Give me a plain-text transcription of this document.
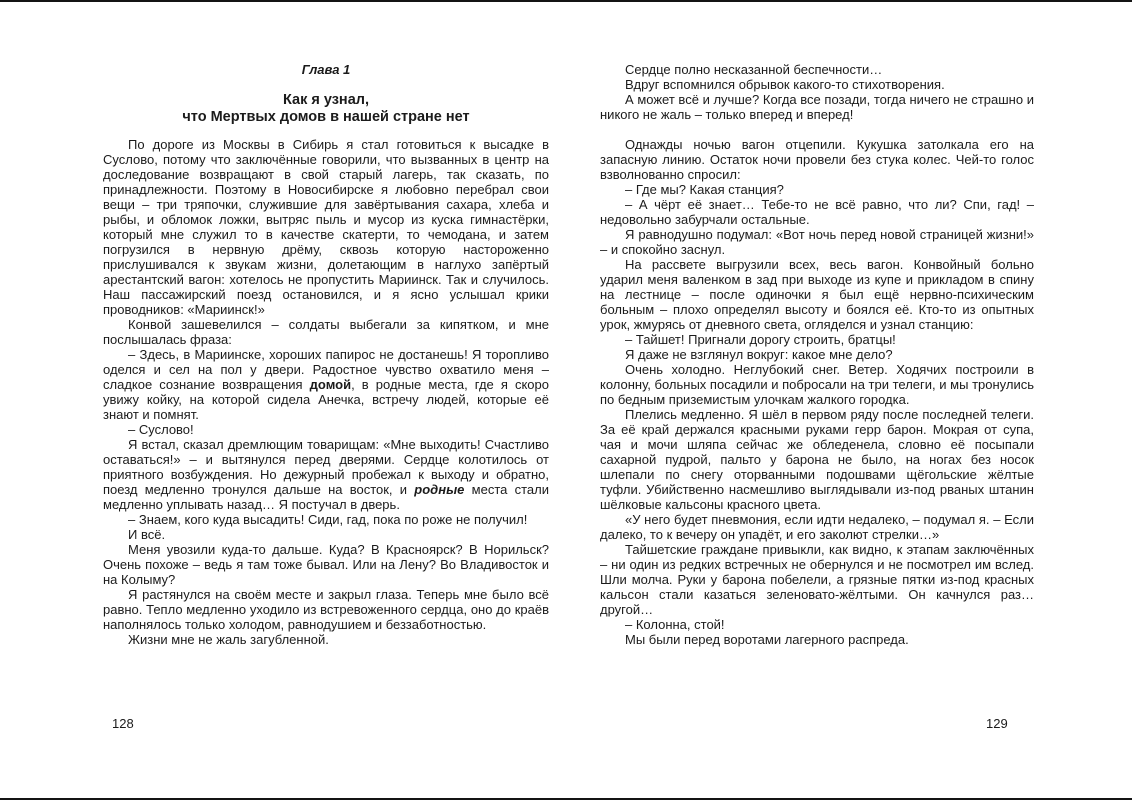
Глава 1
Как я узнал,
что Мертвых домов в нашей стране нет

По дороге из Москвы в Сибирь я стал готовиться к высадке в Суслово, потому что заключённые говорили, что вызванных в центр на доследование возвращают в свой старый лагерь, так сказать, по принадлежности. Поэтому в Новосибирске я любовно перебрал свои вещи – три тряпочки, служившие для завёртывания сахара, хлеба и рыбы, и обломок ложки, вытряс пыль и мусор из куска гимнастёрки, который мне служил то в качестве скатерти, то чемодана, и затем погрузился в нервную дрёму, сквозь которую настороженно прислушивался к звукам жизни, долетающим в наглухо запёртый арестантский вагон: хотелось не пропустить Мариинск. Так и случилось. Наш пассажирский поезд остановился, и я ясно услышал крики проводников: «Мариинск!»

Конвой зашевелился – солдаты выбегали за кипятком, и мне послышалась фраза:

– Здесь, в Мариинске, хороших папирос не достанешь! Я торопливо оделся и сел на пол у двери. Радостное чувство охватило меня – сладкое сознание возвращения домой, в родные места, где я скоро увижу койку, на которой сидела Анечка, встречу людей, которые её знают и помнят.

– Суслово!

Я встал, сказал дремлющим товарищам: «Мне выходить! Счастливо оставаться!» – и вытянулся перед дверями. Сердце колотилось от приятного возбуждения. Но дежурный пробежал к выходу и обратно, поезд медленно тронулся дальше на восток, и родные места стали медленно уплывать назад… Я постучал в дверь.

– Знаем, кого куда высадить! Сиди, гад, пока по роже не получил!

И всё.

Меня увозили куда-то дальше. Куда? В Красноярск? В Норильск? Очень похоже – ведь я там тоже бывал. Или на Лену? Во Владивосток и на Колыму?

Я растянулся на своём месте и закрыл глаза. Теперь мне было всё равно. Тепло медленно уходило из встревоженного сердца, оно до краёв наполнялось только холодом, равнодушием и беззаботностью.

Жизни мне не жаль загубленной.

Сердце полно несказанной беспечности…

Вдруг вспомнился обрывок какого-то стихотворения.

А может всё и лучше? Когда все позади, тогда ничего не страшно и никого не жаль – только вперед и вперед!

Однажды ночью вагон отцепили. Кукушка затолкала его на запасную линию. Остаток ночи провели без стука колес. Чей-то голос взволнованно спросил:

– Где мы? Какая станция?

– А чёрт её знает… Тебе-то не всё равно, что ли? Спи, гад! – недовольно забурчали остальные.

Я равнодушно подумал: «Вот ночь перед новой страницей жизни!» – и спокойно заснул.

На рассвете выгрузили всех, весь вагон. Конвойный больно ударил меня валенком в зад при выходе из купе и прикладом в спину на лестнице – после одиночки я был ещё нервно-психическим больным – плохо определял высоту и боялся её. Кто-то из опытных урок, жмурясь от дневного света, огляделся и узнал станцию:

– Тайшет! Пригнали дорогу строить, братцы!

Я даже не взглянул вокруг: какое мне дело?

Очень холодно. Неглубокий снег. Ветер. Ходячих построили в колонну, больных посадили и побросали на три телеги, и мы тронулись по бедным приземистым улочкам жалкого городка.

Плелись медленно. Я шёл в первом ряду после последней телеги. За её край держался красными руками герр барон. Мокрая от супа, чая и мочи шляпа сейчас же обледенела, словно её посыпали сахарной пудрой, пальто у барона не было, на ногах без носок шлепали по снегу оторванными подошвами щёгольские жёлтые туфли. Убийственно насмешливо выглядывали из-под рваных штанин шёлковые кальсоны красного цвета.

«У него будет пневмония, если идти недалеко, – подумал я. – Если далеко, то к вечеру он упадёт, и его заколют стрелки…»

Тайшетские граждане привыкли, как видно, к этапам заключённых – ни один из редких встречных не обернулся и не посмотрел им вслед. Шли молча. Руки у барона побелели, а грязные пятки из-под красных кальсон стали казаться зеленовато-жёлтыми. Он качнулся раз… другой…

– Колонна, стой!

Мы были перед воротами лагерного распреда.

128	129
